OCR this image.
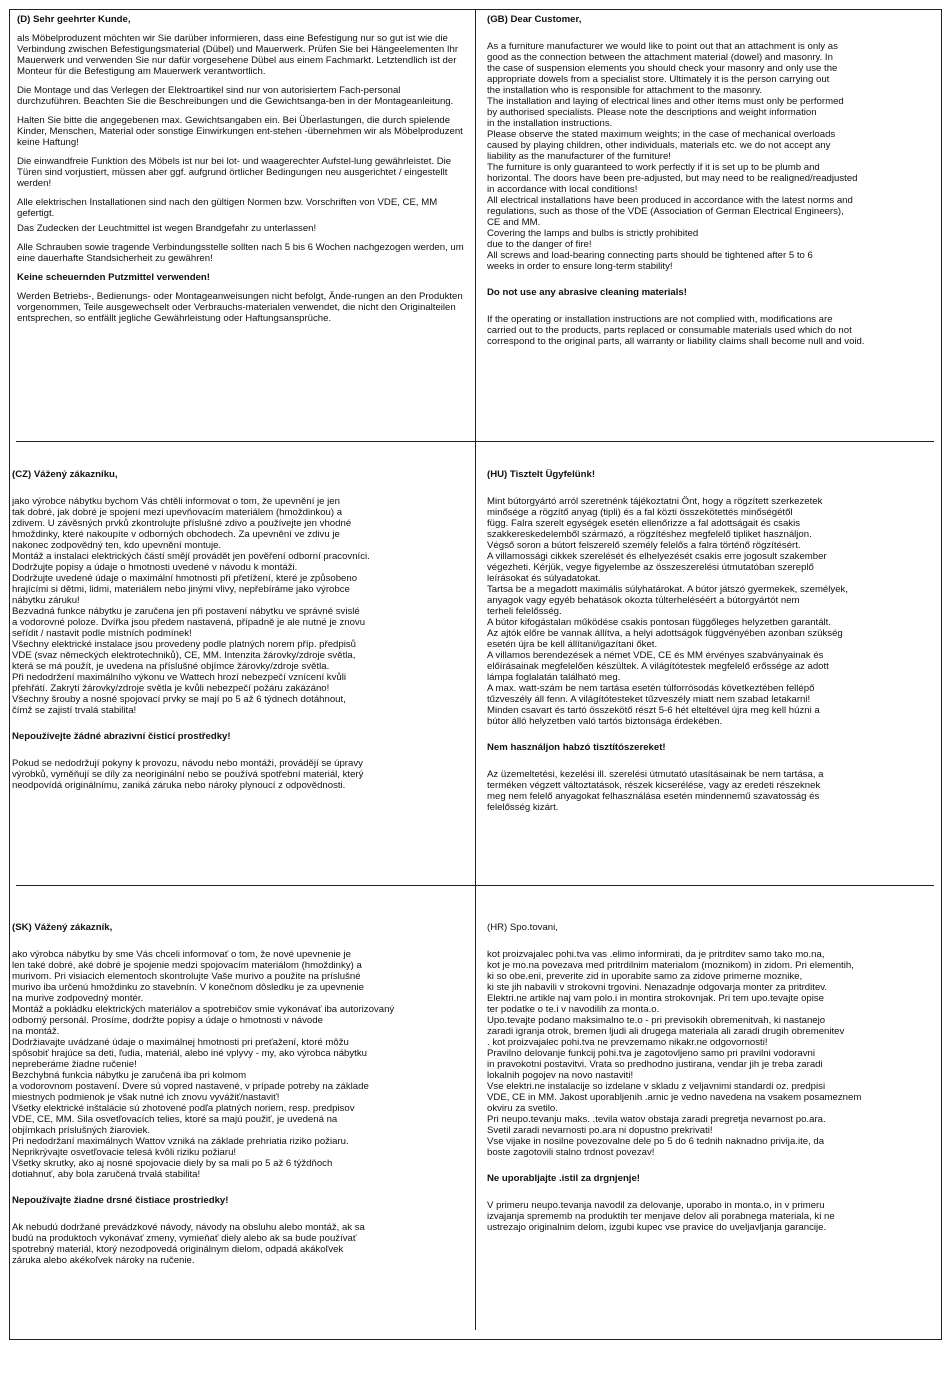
(D) Sehr geehrter Kunde,

als Möbelproduzent möchten wir Sie darüber informieren, dass eine Befestigung nur so gut ist wie die Verbindung zwischen Befestigungsmaterial (Dübel) und Mauerwerk. Prüfen Sie bei Hängeelementen Ihr Mauerwerk und verwenden Sie nur dafür vorgesehene Dübel aus einem Fachmarkt. Letztendlich ist der Monteur für die Befestigung am Mauerwerk verantwortlich.

Die Montage und das Verlegen der Elektroartikel sind nur von autorisiertem Fach-personal durchzuführen. Beachten Sie die Beschreibungen und die Gewichtsanga-ben in der Montageanleitung.

Halten Sie bitte die angegebenen max. Gewichtsangaben ein. Bei Überlastungen, die durch spielende Kinder, Menschen, Material oder sonstige Einwirkungen ent-stehen -übernehmen wir als Möbelproduzent keine Haftung!

Die einwandfreie Funktion des Möbels ist nur bei lot- und waagerechter Aufstel-lung gewährleistet. Die Türen sind vorjustiert, müssen aber ggf. aufgrund örtlicher Bedingungen neu ausgerichtet / eingestellt werden!

Alle elektrischen Installationen sind nach den gültigen Normen bzw. Vorschriften von VDE, CE, MM gefertigt.

Das Zudecken der Leuchtmittel ist wegen Brandgefahr zu unterlassen!

Alle Schrauben sowie tragende Verbindungsstelle sollten nach 5 bis 6 Wochen nachgezogen werden, um eine dauerhafte Standsicherheit zu gewähren!

Keine scheuernden Putzmittel verwenden!

Werden Betriebs-, Bedienungs- oder Montageanweisungen nicht befolgt, Ände-rungen an den Produkten vorgenommen, Teile ausgewechselt oder Verbrauchs-materialen verwendet, die nicht den Originalteilen entsprechen, so entfällt jegliche Gewährleistung oder Haftungsansprüche.

(GB) Dear Customer,

As a furniture manufacturer we would like to point out that an attachment is only as
good as the connection between the attachment material (dowel) and masonry. In
the case of suspension elements you should check your masonry and only use the
appropriate dowels from a specialist store. Ultimately it is the person carrying out
the installation who is responsible for attachment to the masonry.
The installation and laying of electrical lines and other items must only be performed
by authorised specialists. Please note the descriptions and weight information
in the installation instructions.
Please observe the stated maximum weights; in the case of mechanical overloads
caused by playing children, other individuals, materials etc. we do not accept any
liability as the manufacturer of the furniture!
The furniture is only guaranteed to work perfectly if it is set up to be plumb and
horizontal. The doors have been pre-adjusted, but may need to be realigned/readjusted
in accordance with local conditions!
All electrical installations have been produced in accordance with the latest norms and
regulations, such as those of the VDE (Association of German Electrical Engineers),
CE and MM.
Covering the lamps and bulbs is strictly prohibited
due to the danger of fire!
All screws and load-bearing connecting parts should be tightened after 5 to 6
weeks in order to ensure long-term stability!

Do not use any abrasive cleaning materials!

If the operating or installation instructions are not complied with, modifications are
carried out to the products, parts replaced or consumable materials used which do not
correspond to the original parts, all warranty or liability claims shall become null and void.

(CZ) Vážený zákazníku,

jako výrobce nábytku bychom Vás chtěli informovat o tom, že upevnění je jen
tak dobré, jak dobré je spojení mezi upevňovacím materiálem (hmoždinkou) a
zdivem. U závěsných prvků zkontrolujte příslušné zdivo a používejte jen vhodné
hmoždinky, které nakoupíte v odborných obchodech. Za upevnění ve zdivu je
nakonec zodpovědný ten, kdo upevnění montuje.
Montáž a instalaci elektrických částí smějí provádět jen pověření odborní pracovníci.
Dodržujte popisy a údaje o hmotnosti uvedené v návodu k montáži.
Dodržujte uvedené údaje o maximální hmotnosti při přetížení, které je způsobeno
hrajícími si dětmi, lidmi, materiálem nebo jinými vlivy, nepřebíráme jako výrobce
nábytku záruku!
Bezvadná funkce nábytku je zaručena jen při postavení nábytku ve správné svislé
a vodorovné poloze. Dvířka jsou předem nastavená, případně je ale nutné je znovu
seřídit / nastavit podle místních podmínek!
Všechny elektrické instalace jsou provedeny podle platných norem příp. předpisů
VDE (svaz německých elektrotechniků), CE, MM. Intenzita žárovky/zdroje světla,
která se má použít, je uvedena na příslušné objímce žárovky/zdroje světla.
Při nedodržení maximálního výkonu ve Wattech hrozí nebezpečí vznícení kvůli
přehřátí. Zakrytí žárovky/zdroje světla je kvůli nebezpečí požáru zakázáno!
Všechny šrouby a nosné spojovací prvky se mají po 5 až 6 týdnech dotáhnout,
čímž se zajistí trvalá stabilita!

Nepoužívejte žádné abrazivní čisticí prostředky!

Pokud se nedodržují pokyny k provozu, návodu nebo montáži, provádějí se úpravy
výrobků, vyměňují se díly za neoriginální nebo se používá spotřební materiál, který
neodpovídá originálnímu, zaniká záruka nebo nároky plynoucí z odpovědnosti.

(HU) Tisztelt Ügyfelünk!

Mint bútorgyártó arról szeretnénk tájékoztatni Önt, hogy a rögzített szerkezetek
minősége a rögzítő anyag (tipli) és a fal közti összekötettés minőségétől
függ. Falra szerelt egységek esetén ellenőrizze a fal adottságait és csakis
szakkereskedelemből származó, a rögzítéshez megfelelő tipliket használjon.
Végső soron a bútort felszerelő személy felelős a falra történő rögzítésért.
A villamossági cikkek szerelését és elhelyezését csakis erre jogosult szakember
végezheti. Kérjük, vegye figyelembe az összeszerelési útmutatóban szereplő
leírásokat és súlyadatokat.
Tartsa be a megadott maximális súlyhatárokat. A bútor játszó gyermekek, személyek,
anyagok vagy egyéb behatások okozta túlterheléséért a bútorgyártót nem
terheli felelősség.
A bútor kifogástalan működése csakis pontosan függőleges helyzetben garantált.
Az ajtók előre be vannak állítva, a helyi adottságok függvényében azonban szükség
esetén újra be kell állítani/igazítani őket.
A villamos berendezések a német VDE, CE és MM érvényes szabványainak és
előírásainak megfelelően készültek. A világítótestek megfelelő erőssége az adott
lámpa foglalatán található meg.
A max. watt-szám be nem tartása esetén túlforrósodás következtében fellépő
tűzveszély áll fenn. A világítótesteket tűzveszély miatt nem szabad letakarni!
Minden csavart és tartó összekötő részt 5-6 hét elteltével újra meg kell húzni a
bútor álló helyzetben való tartós biztonsága érdekében.

Nem használjon habzó tisztítószereket!

Az üzemeltetési, kezelési ill. szerelési útmutató utasításainak be nem tartása, a
terméken végzett változtatások, részek kicserélése, vagy az eredeti részeknek
meg nem felelő anyagokat felhasználása esetén mindennemű szavatosság és
felelősség kizárt.

(SK) Vážený zákazník,

ako výrobca nábytku by sme Vás chceli informovať o tom, že nové upevnenie je
len také dobré, aké dobré je spojenie medzi spojovacím materiálom (hmoždinky) a
murivom. Pri visiacich elementoch skontrolujte Vaše murivo a použite na príslušné
murivo iba určenú hmoždinku zo stavebnín. V konečnom dôsledku je za upevnenie
na murive zodpovedný montér.
Montáž a pokládku elektrických materiálov a spotrebičov smie vykonávať iba autorizovaný
odborný personál. Prosíme, dodržte popisy a údaje o hmotnosti v návode
na montáž.
Dodržiavajte uvádzané údaje o maximálnej hmotnosti pri preťažení, ktoré môžu
spôsobiť hrajúce sa deti, ľudia, materiál, alebo iné vplyvy - my, ako výrobca nábytku
nepreberáme žiadne ručenie!
Bezchybná funkcia nábytku je zaručená iba pri kolmom
a vodorovnom postavení. Dvere sú vopred nastavené, v prípade potreby na základe
miestnych podmienok je však nutné ich znovu vyvážiť/nastaviť!
Všetky elektrické inštalácie sú zhotovené podľa platných noriem, resp. predpisov
VDE, CE, MM. Sila osvetľovacích telies, ktoré sa majú použiť, je uvedená na
objímkach príslušných žiaroviek.
Pri nedodržaní maximálnych Wattov vzniká na základe prehriatia riziko požiaru.
Neprikrývajte osvetľovacie telesá kvôli riziku požiaru!
Všetky skrutky, ako aj nosné spojovacie diely by sa mali po 5 až 6 týždňoch
dotiahnuť, aby bola zaručená trvalá stabilita!

Nepoužívajte žiadne drsné čistiace prostriedky!

Ak nebudú dodržané prevádzkové návody, návody na obsluhu alebo montáž, ak sa
budú na produktoch vykonávať zmeny, vymieňať diely alebo ak sa bude používať
spotrebný materiál, ktorý nezodpovedá originálnym dielom, odpadá akákoľvek
záruka alebo akékoľvek nároky na ručenie.

(HR) Spo.tovani,

kot proizvajalec pohi.tva vas .elimo informirati, da je pritrditev samo tako mo.na,
kot je mo.na povezava med pritrdilnim materialom (moznikom) in zidom. Pri elementih,
ki so obe.eni, preverite zid in uporabite samo za zidove primerne moznike,
ki ste jih nabavili v strokovni trgovini. Nenazadnje odgovarja monter za pritrditev.
Elektri.ne artikle naj vam polo.i in montira strokovnjak. Pri tem upo.tevajte opise
ter podatke o te.i v navodilih za monta.o.
Upo.tevajte podano maksimalno te.o - pri previsokih obremenitvah, ki nastanejo
zaradi igranja otrok, bremen ljudi ali drugega materiala ali zaradi drugih obremenitev
. kot proizvajalec pohi.tva ne prevzemamo nikakr.ne odgovornosti!
Pravilno delovanje funkcij pohi.tva je zagotovljeno samo pri pravilni vodoravni
in pravokotni postavitvi. Vrata so predhodno justirana, vendar jih je treba zaradi
lokalnih pogojev na novo nastaviti!
Vse elektri.ne instalacije so izdelane v skladu z veljavnimi standardi oz. predpisi
VDE, CE in MM. Jakost uporabljenih .arnic je vedno navedena na vsakem posameznem
okviru za svetilo.
Pri neupo.tevanju maks. .tevila watov obstaja zaradi pregretja nevarnost po.ara.
Svetil zaradi nevarnosti po.ara ni dopustno prekrivati!
Vse vijake in nosilne povezovalne dele po 5 do 6 tednih naknadno privija.ite, da
boste zagotovili stalno trdnost povezav!

Ne uporabljajte .istil za drgnjenje!

V primeru neupo.tevanja navodil za delovanje, uporabo in monta.o, in v primeru
izvajanja sprememb na produktih ter menjave delov ali porabnega materiala, ki ne
ustrezajo originalnim delom, izgubi kupec vse pravice do uveljavljanja garancije.
